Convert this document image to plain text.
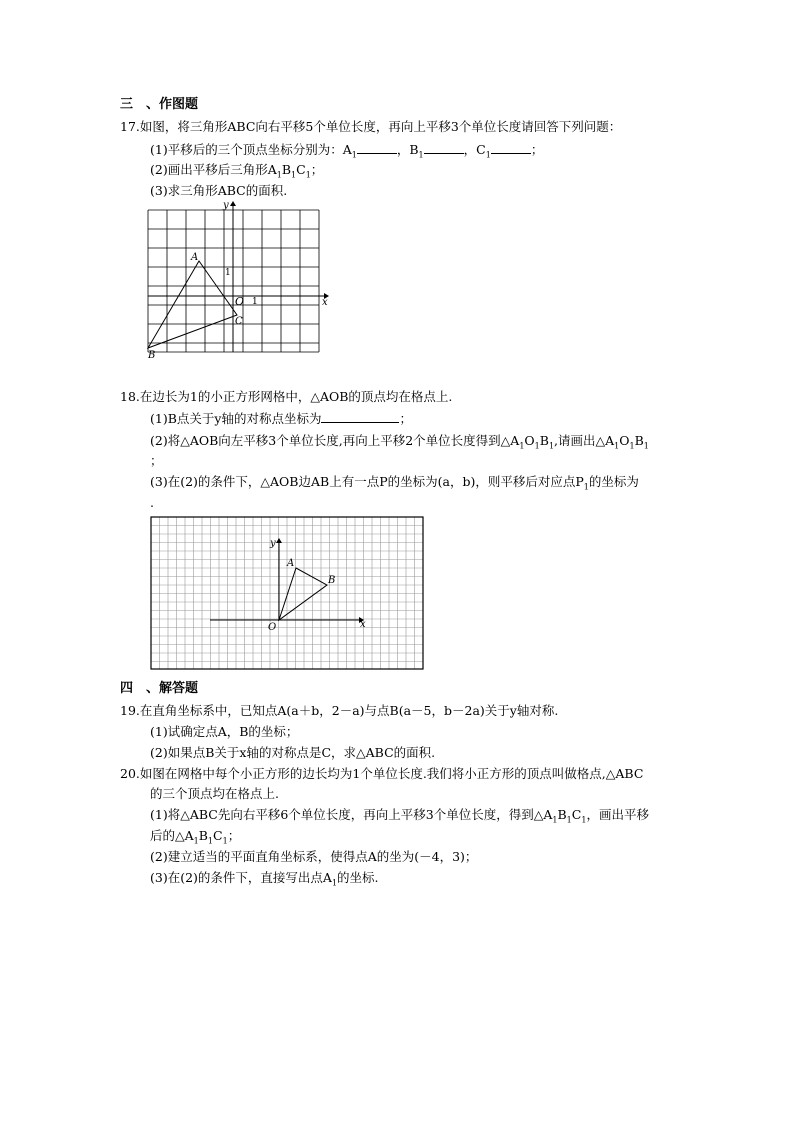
三　、作图题
17.如图，将三角形ABC向右平移5个单位长度，再向上平移3个单位长度请回答下列问题：
(1)平移后的三个顶点坐标分别为：$A_1$	，$B_1$	，$C_1$	；
(2)画出平移后三角形$A_1B_1C_1$；
(3)求三角形ABC的面积.
y
x
O 1
1
A
B
C
18.在边长为1的小正方形网格中，△AOB的顶点均在格点上.
(1)B点关于y轴的对称点坐标为	；
(2)将△AOB向左平移3个单位长度,再向上平移2个单位长度得到$\triangle A_1O_1B_1$,请画出$\triangle A_1O_1B_1$
；
(3)在(2)的条件下，△AOB边AB上有一点P的坐标为(a，b)，则平移后对应点$P_1$的坐标为
.
y
x
O
A
B
四　、解答题
19.在直角坐标系中，已知点A(a＋b，2－a)与点B(a－5，b－2a)关于y轴对称.
(1)试确定点A，B的坐标；
(2)如果点B关于x轴的对称点是C，求△ABC的面积.
20.如图在网格中每个小正方形的边长均为1个单位长度.我们将小正方形的顶点叫做格点,△ABC
的三个顶点均在格点上.
(1)将△ABC先向右平移6个单位长度，再向上平移3个单位长度，得到$\triangle A_1B_1C_1$，画出平移
后的$\triangle A_1B_1C_1$；
(2)建立适当的平面直角坐标系，使得点A的坐为(－4，3)；
(3)在(2)的条件下，直接写出点$A_1$的坐标.
